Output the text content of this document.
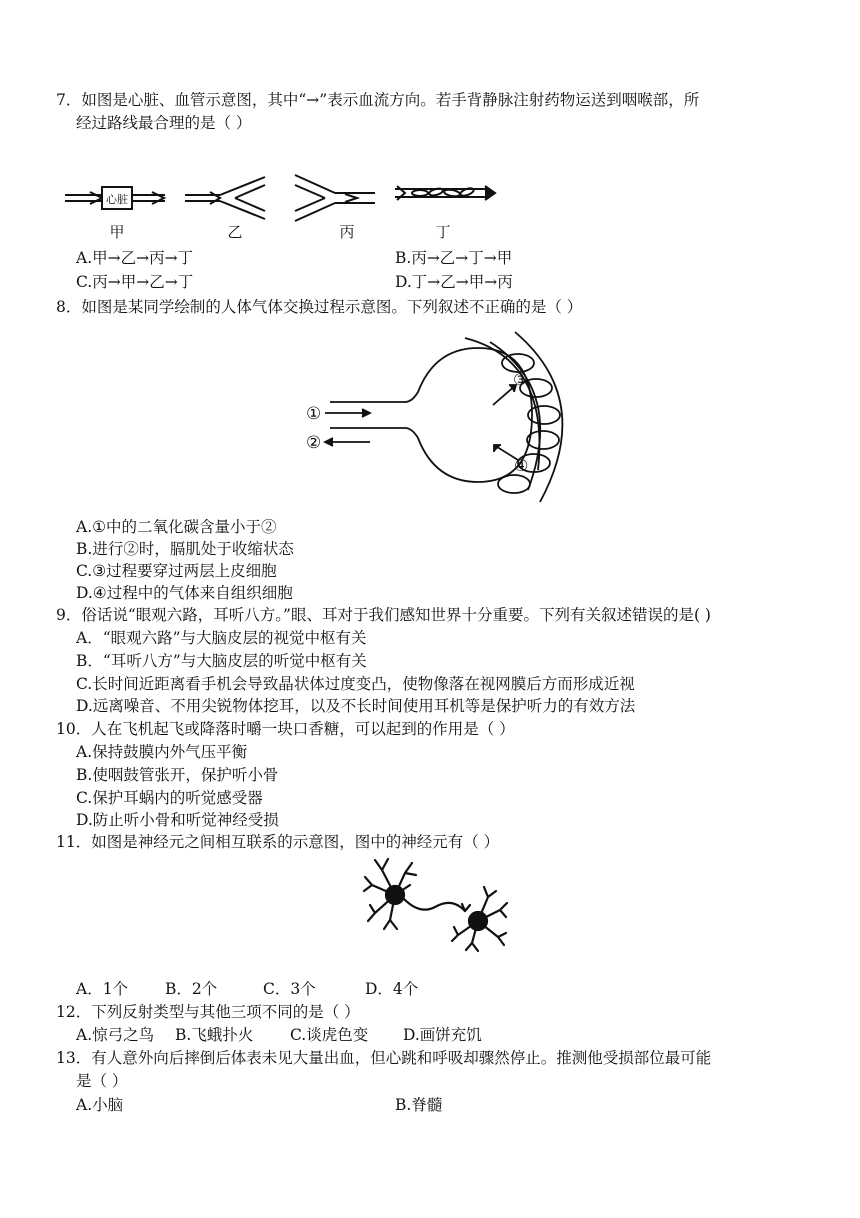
7．如图是心脏、血管示意图，其中“→”表示血流方向。若手背静脉注射药物运送到咽喉部，所
经过路线最合理的是（ ）
心脏
甲	乙	丙	丁
A.甲→乙→丙→丁	B.丙→乙→丁→甲
C.丙→甲→乙→丁	D.丁→乙→甲→丙
8．如图是某同学绘制的人体气体交换过程示意图。下列叙述不正确的是（ ）
①
②
③
④
A.①中的二氧化碳含量小于②
B.进行②时，膈肌处于收缩状态
C.③过程要穿过两层上皮细胞
D.④过程中的气体来自组织细胞
9．俗话说“眼观六路，耳听八方。”眼、耳对于我们感知世界十分重要。下列有关叙述错误的是( )
A．“眼观六路”与大脑皮层的视觉中枢有关
B．“耳听八方”与大脑皮层的听觉中枢有关
C.长时间近距离看手机会导致晶状体过度变凸，使物像落在视网膜后方而形成近视
D.远离噪音、不用尖锐物体挖耳，以及不长时间使用耳机等是保护听力的有效方法
10．人在飞机起飞或降落时嚼一块口香糖，可以起到的作用是（ ）
A.保持鼓膜内外气压平衡
B.使咽鼓管张开，保护听小骨
C.保护耳蜗内的听觉感受器
D.防止听小骨和听觉神经受损
11．如图是神经元之间相互联系的示意图，图中的神经元有（ ）
A．1个 B．2个	C．3个	D．4个
12．下列反射类型与其他三项不同的是（ ）
A.惊弓之鸟 B.飞蛾扑火 C.谈虎色变 D.画饼充饥
13．有人意外向后摔倒后体表未见大量出血，但心跳和呼吸却骤然停止。推测他受损部位最可能
是（ ）
A.小脑	B.脊髓
